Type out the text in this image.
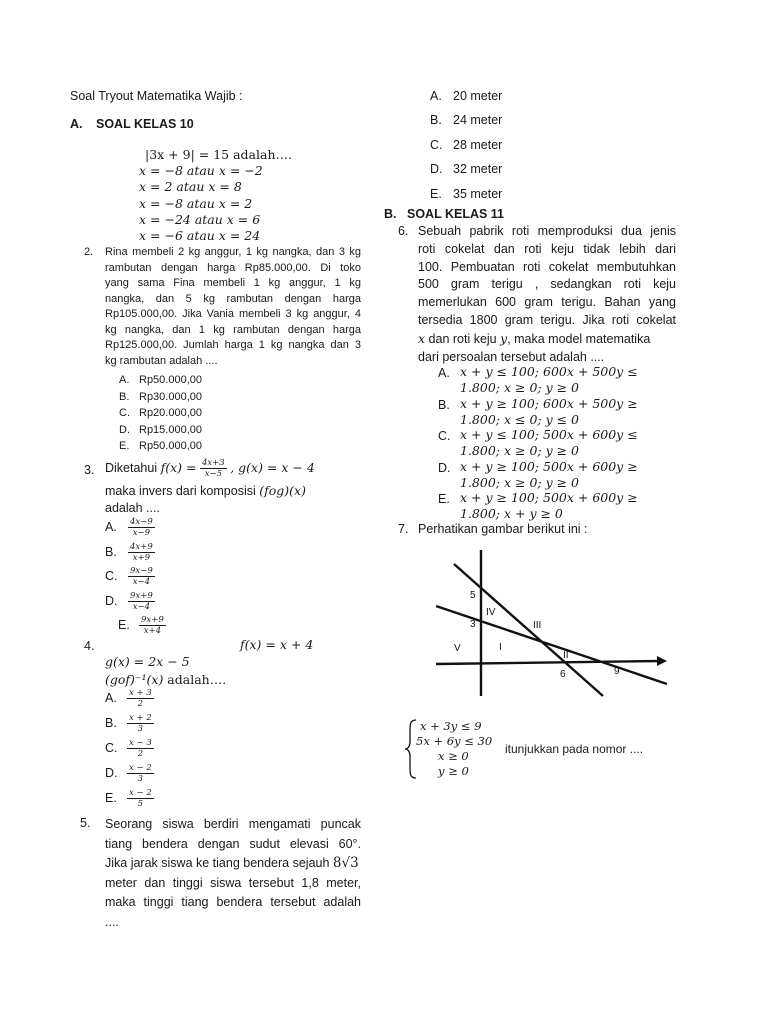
Soal Tryout Matematika Wajib :
A. SOAL KELAS 10
|3x + 9| = 15 adalah….
x = −8 atau x = −2
x = 2 atau x = 8
x = −8 atau x = 2
x = −24 atau x = 6
x = −6 atau x = 24
2. Rina membeli 2 kg anggur, 1 kg nangka, dan 3 kg
rambutan dengan harga Rp85.000,00. Di toko
yang sama Fina membeli 1 kg anggur, 1 kg
nangka, dan 5 kg rambutan dengan harga
Rp105.000,00. Jika Vania membeli 3 kg anggur, 4
kg nangka, dan 1 kg rambutan dengan harga
Rp125.000,00. Jumlah harga 1 kg nangka dan 3
kg rambutan adalah ....
A. Rp50.000,00
B. Rp30.000,00
C. Rp20.000,00
D. Rp15.000,00
E. Rp50.000,00
3. Diketahui $f(x) = \frac{4x+3}{x-5}$ , g(x) = x − 4
maka invers dari komposisi (fog)(x)
adalah ....
A. $\frac{4x-9}{x-9}$
B. $\frac{4x+9}{x+9}$
C. $\frac{9x-9}{x-4}$
D. $\frac{9x+9}{x-4}$
E. $\frac{9x+9}{x+4}$
4.	f(x) = x + 4
g(x) = 2x − 5
(gof)⁻¹(x) adalah….
A. $\frac{x + 3}{2}$
B. $\frac{x + 2}{3}$
C. $\frac{x - 3}{2}$
D. $\frac{x - 2}{3}$
E. $\frac{x - 2}{5}$
5. Seorang siswa berdiri mengamati puncak
tiang bendera dengan sudut elevasi 60°.
Jika jarak siswa ke tiang bendera sejauh 8√3
meter dan tinggi siswa tersebut 1,8 meter,
maka tinggi tiang bendera tersebut adalah
....
A. 20 meter
B. 24 meter
C. 28 meter
D. 32 meter
E. 35 meter
B. SOAL KELAS 11
6. Sebuah pabrik roti memproduksi dua jenis
roti cokelat dan roti keju tidak lebih dari
100. Pembuatan roti cokelat membutuhkan
500 gram terigu , sedangkan roti keju
memerlukan 600 gram terigu. Bahan yang
tersedia 1800 gram terigu. Jika roti cokelat
x dan roti keju y, maka model matematika
dari persoalan tersebut adalah ....
A. x + y ≤ 100; 600x + 500y ≤
1.800; x ≥ 0; y ≥ 0
B. x + y ≥ 100; 600x + 500y ≥
1.800; x ≤ 0; y ≤ 0
C. x + y ≤ 100; 500x + 600y ≤
1.800; x ≥ 0; y ≥ 0
D. x + y ≥ 100; 500x + 600y ≥
1.800; x ≥ 0; y ≥ 0
E. x + y ≥ 100; 500x + 600y ≥
1.800; x + y ≥ 0
7. Perhatikan gambar berikut ini :
5
3
6	9
IV
III
V	I
II
x + 3y ≤ 9
5x + 6y ≤ 30
x ≥ 0
y ≥ 0
itunjukkan pada nomor ....
